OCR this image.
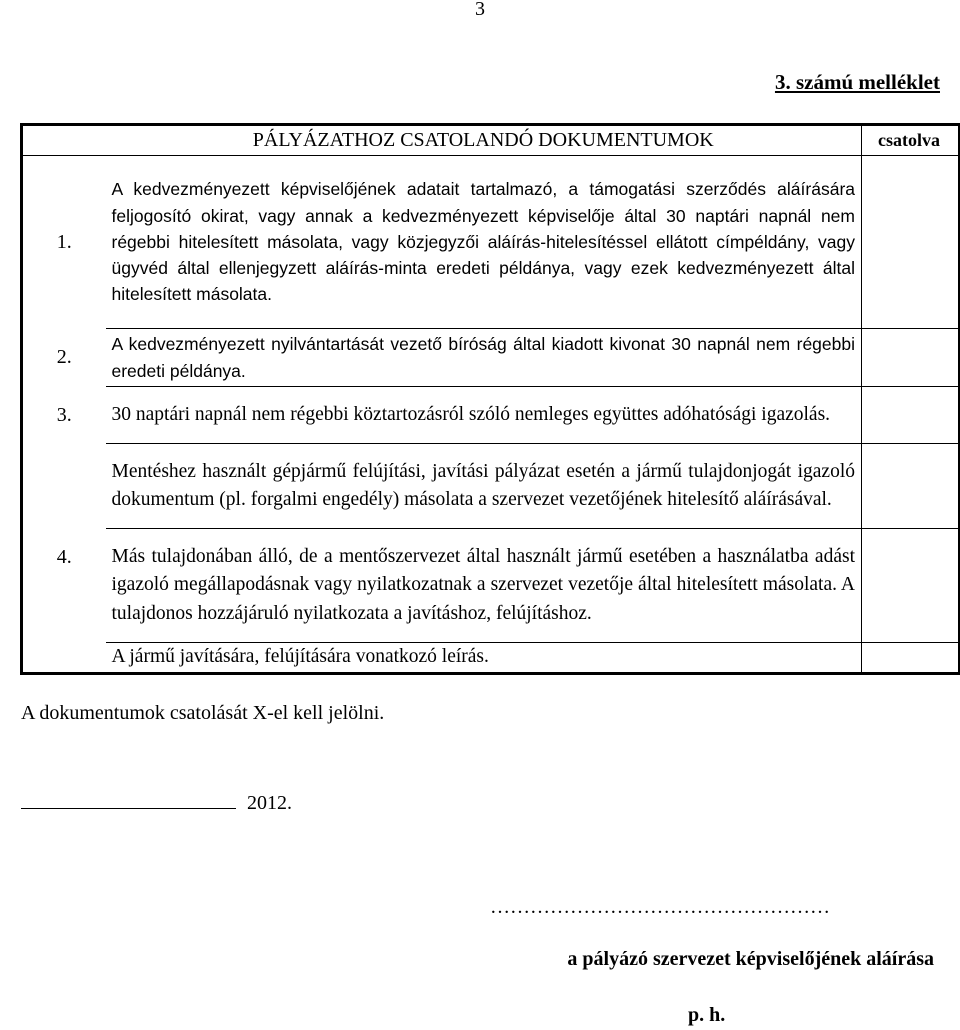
3
3. számú melléklet
	PÁLYÁZATHOZ CSATOLANDÓ DOKUMENTUMOK	csatolva
1.	A kedvezményezett képviselőjének adatait tartalmazó, a támogatási szerződés aláírására feljogosító okirat, vagy annak a kedvezményezett képviselője által 30 naptári napnál nem régebbi hitelesített másolata, vagy közjegyzői aláírás-hitelesítéssel ellátott címpéldány, vagy ügyvéd által ellenjegyzett aláírás-minta eredeti példánya, vagy ezek kedvezményezett által hitelesített másolata.	
2.	A kedvezményezett nyilvántartását vezető bíróság által kiadott kivonat 30 napnál nem régebbi eredeti példánya.	
3.	30 naptári napnál nem régebbi köztartozásról szóló nemleges együttes adóhatósági igazolás.	
4.	Mentéshez használt gépjármű felújítási, javítási pályázat esetén a jármű tulajdonjogát igazoló dokumentum (pl. forgalmi engedély) másolata a szervezet vezetőjének hitelesítő aláírásával.	
	Más tulajdonában álló, de a mentőszervezet által használt jármű esetében a használatba adást igazoló megállapodásnak vagy nyilatkozatnak a szervezet vezetője által hitelesített másolata. A tulajdonos hozzájáruló nyilatkozata a javításhoz, felújításhoz.	
	A jármű javítására, felújítására vonatkozó leírás.	
A dokumentumok csatolását X-el kell jelölni.
2012.
……………………………………………
a pályázó szervezet képviselőjének aláírása
p. h.
